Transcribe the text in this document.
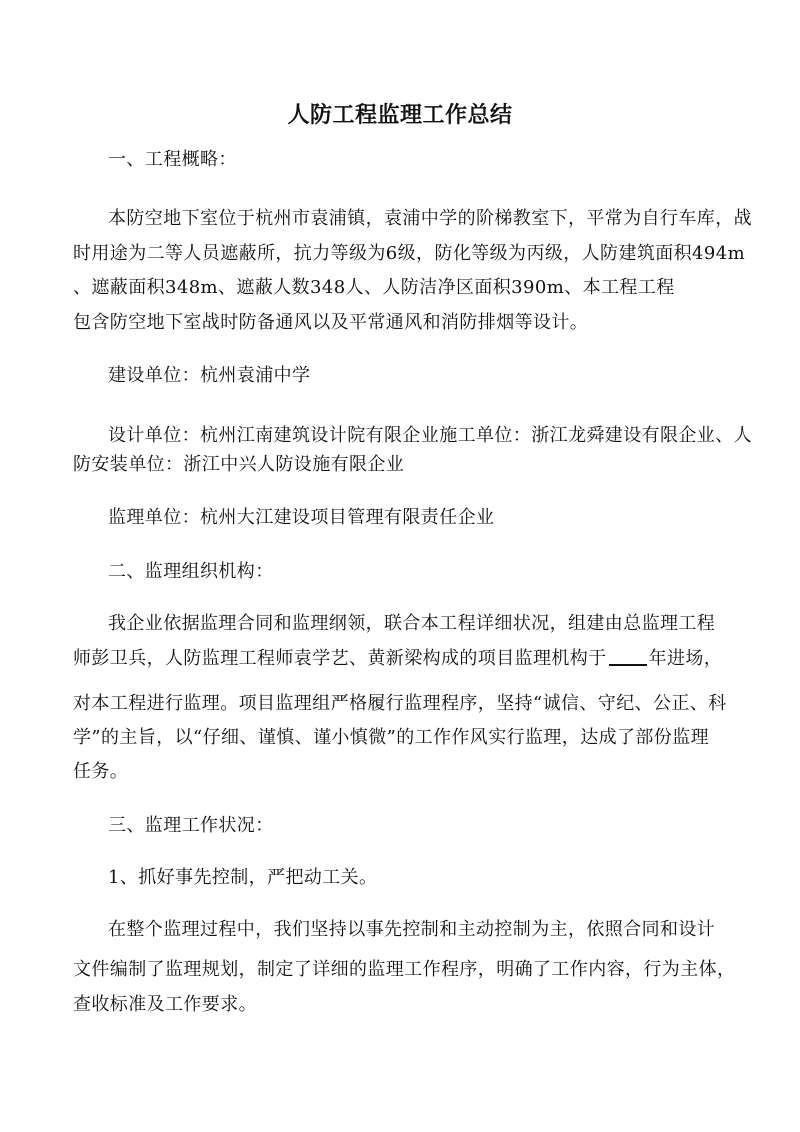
人防工程监理工作总结

一、工程概略：

本防空地下室位于杭州市袁浦镇，袁浦中学的阶梯教室下，平常为自行车库，战

时用途为二等人员遮蔽所，抗力等级为6级，防化等级为丙级，人防建筑面积494m

、遮蔽面积348m、遮蔽人数348人、人防洁净区面积390m、本工程工程

包含防空地下室战时防备通风以及平常通风和消防排烟等设计。

建设单位：杭州袁浦中学

设计单位：杭州江南建筑设计院有限企业施工单位：浙江龙舜建设有限企业、人

防安装单位：浙江中兴人防设施有限企业

监理单位：杭州大江建设项目管理有限责任企业

二、监理组织机构：

我企业依据监理合同和监理纲领，联合本工程详细状况，组建由总监理工程

师彭卫兵，人防监理工程师袁学艺、黄新梁构成的项目监理机构于 年进场，

对本工程进行监理。项目监理组严格履行监理程序，坚持“诚信、守纪、公正、科

学”的主旨，以“仔细、谨慎、谨小慎微”的工作作风实行监理，达成了部份监理

任务。

三、监理工作状况：

1、抓好事先控制，严把动工关。

在整个监理过程中，我们坚持以事先控制和主动控制为主，依照合同和设计

文件编制了监理规划，制定了详细的监理工作程序，明确了工作内容，行为主体，

查收标准及工作要求。
